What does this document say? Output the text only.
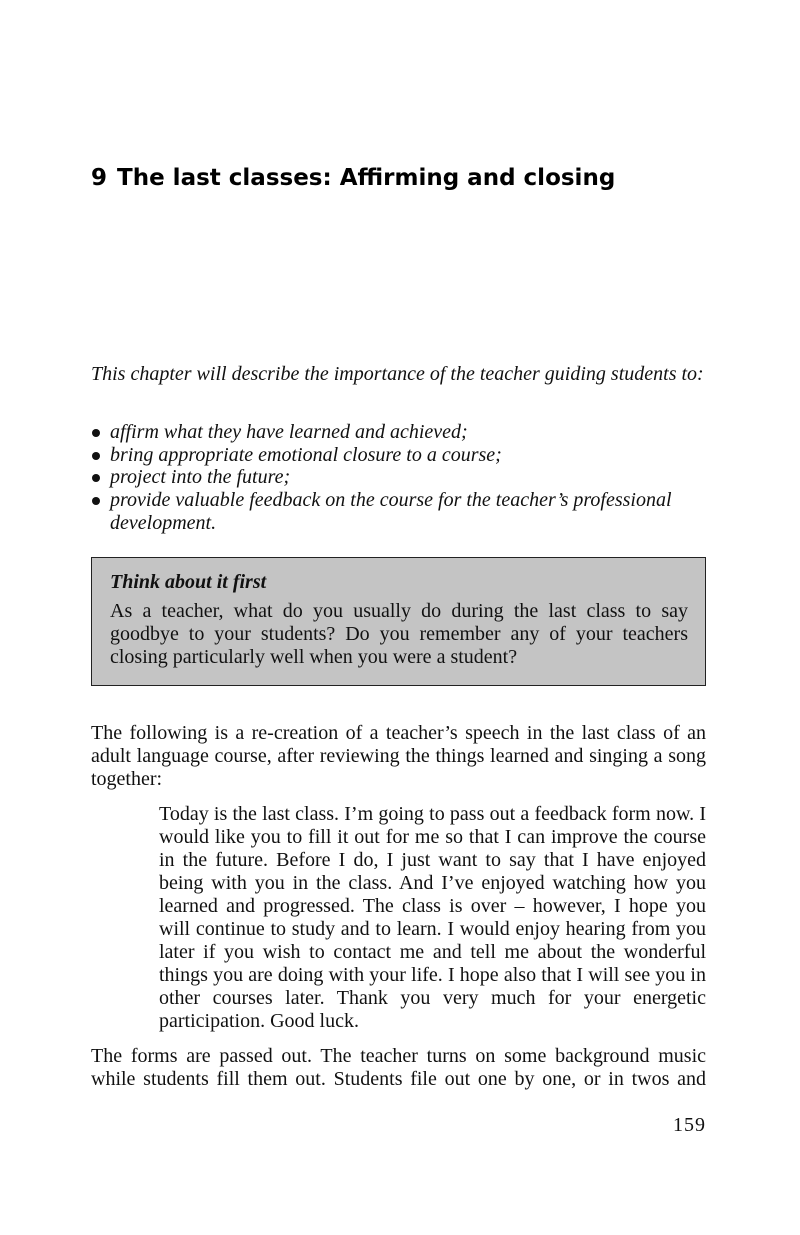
9 The last classes: Affirming and closing

This chapter will describe the importance of the teacher guiding students to:

affirm what they have learned and achieved;
bring appropriate emotional closure to a course;
project into the future;
provide valuable feedback on the course for the teacher’s professional development.

Think about it first

As a teacher, what do you usually do during the last class to say goodbye to your students? Do you remember any of your teachers closing particularly well when you were a student?

The following is a re-creation of a teacher’s speech in the last class of an adult language course, after reviewing the things learned and singing a song together:

Today is the last class. I’m going to pass out a feedback form now. I would like you to fill it out for me so that I can improve the course in the future. Before I do, I just want to say that I have enjoyed being with you in the class. And I’ve enjoyed watching how you learned and progressed. The class is over – however, I hope you will continue to study and to learn. I would enjoy hearing from you later if you wish to contact me and tell me about the wonderful things you are doing with your life. I hope also that I will see you in other courses later. Thank you very much for your energetic participation. Good luck.

The forms are passed out. The teacher turns on some background music while students fill them out. Students file out one by one, or in twos and

159
